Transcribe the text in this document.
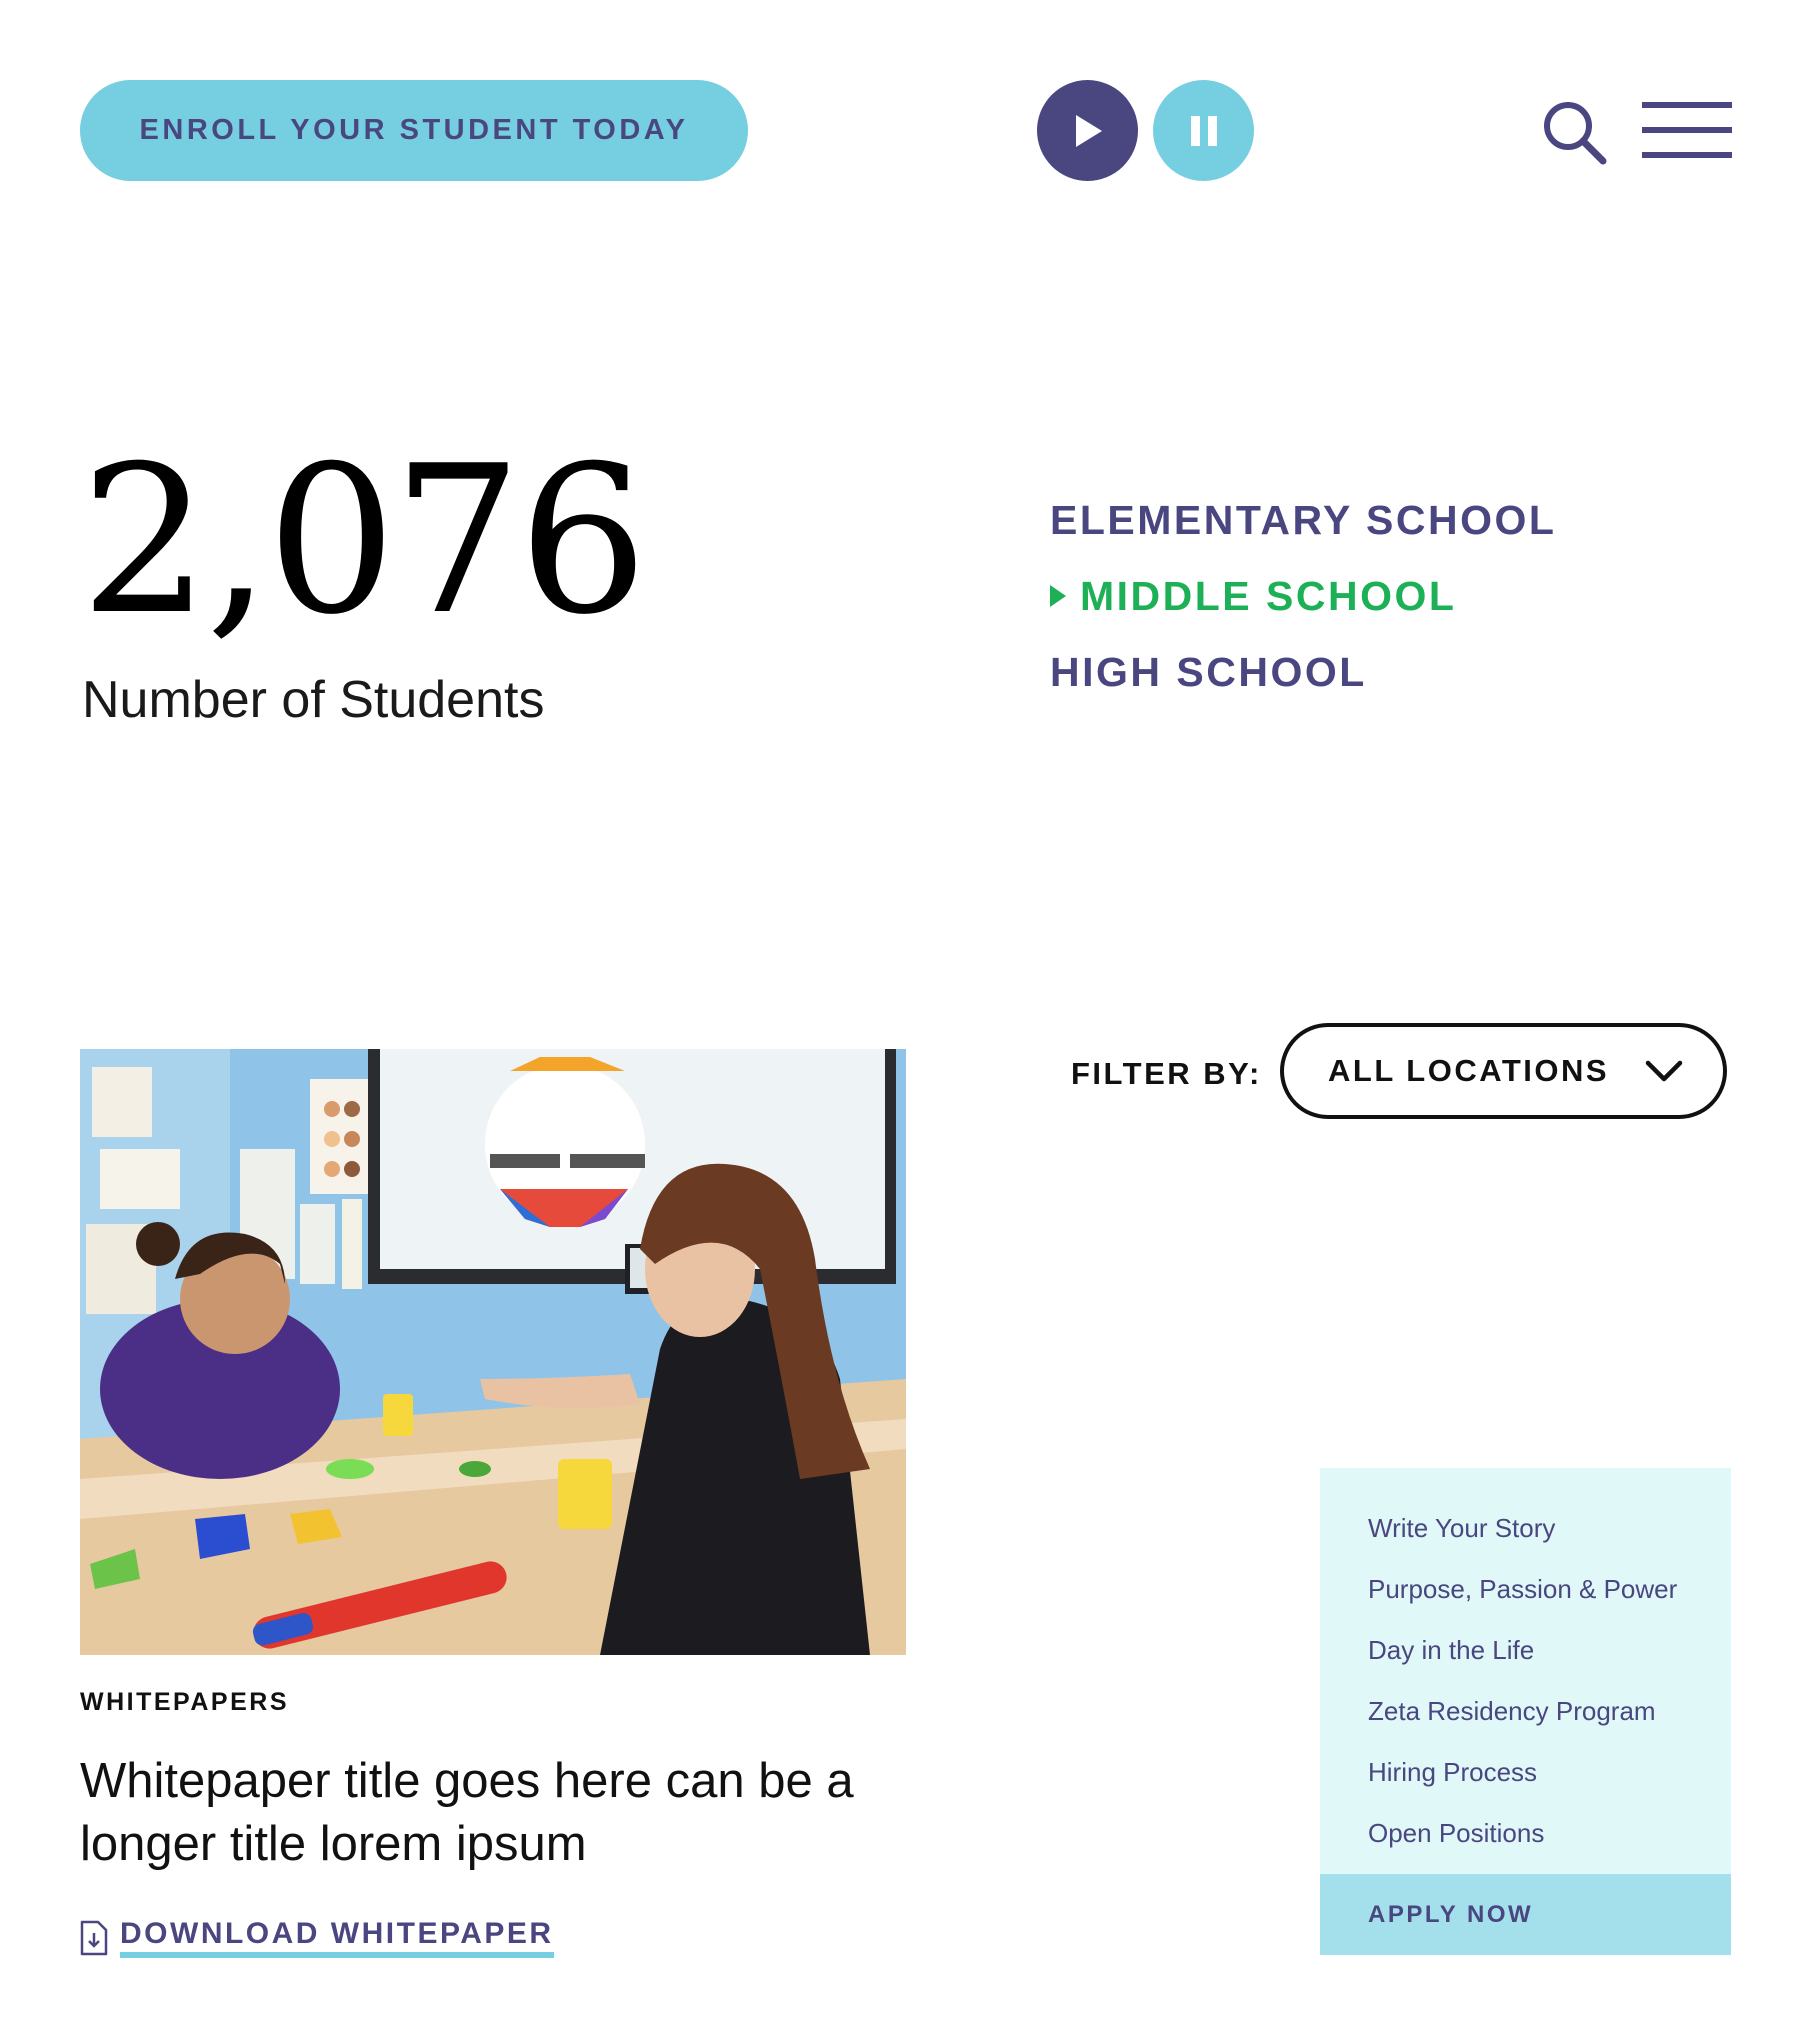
ENROLL YOUR STUDENT TODAY
2,076
Number of Students
ELEMENTARY SCHOOL
MIDDLE SCHOOL
HIGH SCHOOL
FILTER BY: ALL LOCATIONS
WHITEPAPERS
Whitepaper title goes here can be a longer title lorem ipsum
DOWNLOAD WHITEPAPER
Write Your Story
Purpose, Passion & Power
Day in the Life
Zeta Residency Program
Hiring Process
Open Positions
APPLY NOW
